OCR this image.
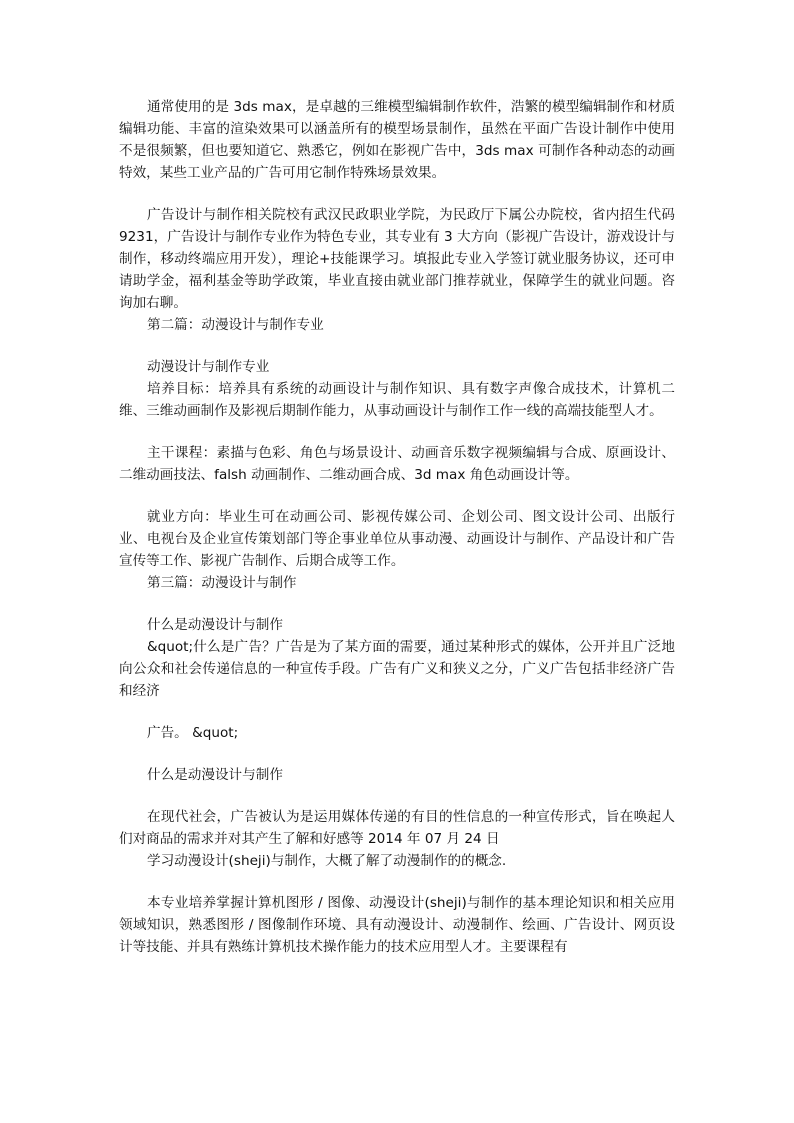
通常使用的是 3ds max，是卓越的三维模型编辑制作软件，浩繁的模型编辑制作和材质编辑功能、丰富的渲染效果可以涵盖所有的模型场景制作，虽然在平面广告设计制作中使用不是很频繁，但也要知道它、熟悉它，例如在影视广告中，3ds max 可制作各种动态的动画特效，某些工业产品的广告可用它制作特殊场景效果。

广告设计与制作相关院校有武汉民政职业学院，为民政厅下属公办院校，省内招生代码 9231，广告设计与制作专业作为特色专业，其专业有 3 大方向（影视广告设计，游戏设计与制作，移动终端应用开发），理论+技能课学习。填报此专业入学签订就业服务协议，还可申请助学金，福利基金等助学政策，毕业直接由就业部门推荐就业，保障学生的就业问题。咨询加右聊。

第二篇：动漫设计与制作专业

动漫设计与制作专业

培养目标：培养具有系统的动画设计与制作知识、具有数字声像合成技术，计算机二维、三维动画制作及影视后期制作能力，从事动画设计与制作工作一线的高端技能型人才。

主干课程：素描与色彩、角色与场景设计、动画音乐数字视频编辑与合成、原画设计、二维动画技法、falsh 动画制作、二维动画合成、3d max 角色动画设计等。

就业方向：毕业生可在动画公司、影视传媒公司、企划公司、图文设计公司、出版行业、电视台及企业宣传策划部门等企事业单位从事动漫、动画设计与制作、产品设计和广告宣传等工作、影视广告制作、后期合成等工作。

第三篇：动漫设计与制作

什么是动漫设计与制作

&quot;什么是广告？广告是为了某方面的需要，通过某种形式的媒体，公开并且广泛地向公众和社会传递信息的一种宣传手段。广告有广义和狭义之分，广义广告包括非经济广告和经济

广告。 &quot;

什么是动漫设计与制作

在现代社会，广告被认为是运用媒体传递的有目的性信息的一种宣传形式，旨在唤起人们对商品的需求并对其产生了解和好感等 2014 年 07 月 24 日

学习动漫设计(sheji)与制作，大概了解了动漫制作的的概念.

本专业培养掌握计算机图形 / 图像、动漫设计(sheji)与制作的基本理论知识和相关应用领域知识，熟悉图形 / 图像制作环境、具有动漫设计、动漫制作、绘画、广告设计、网页设计等技能、并具有熟练计算机技术操作能力的技术应用型人才。主要课程有
